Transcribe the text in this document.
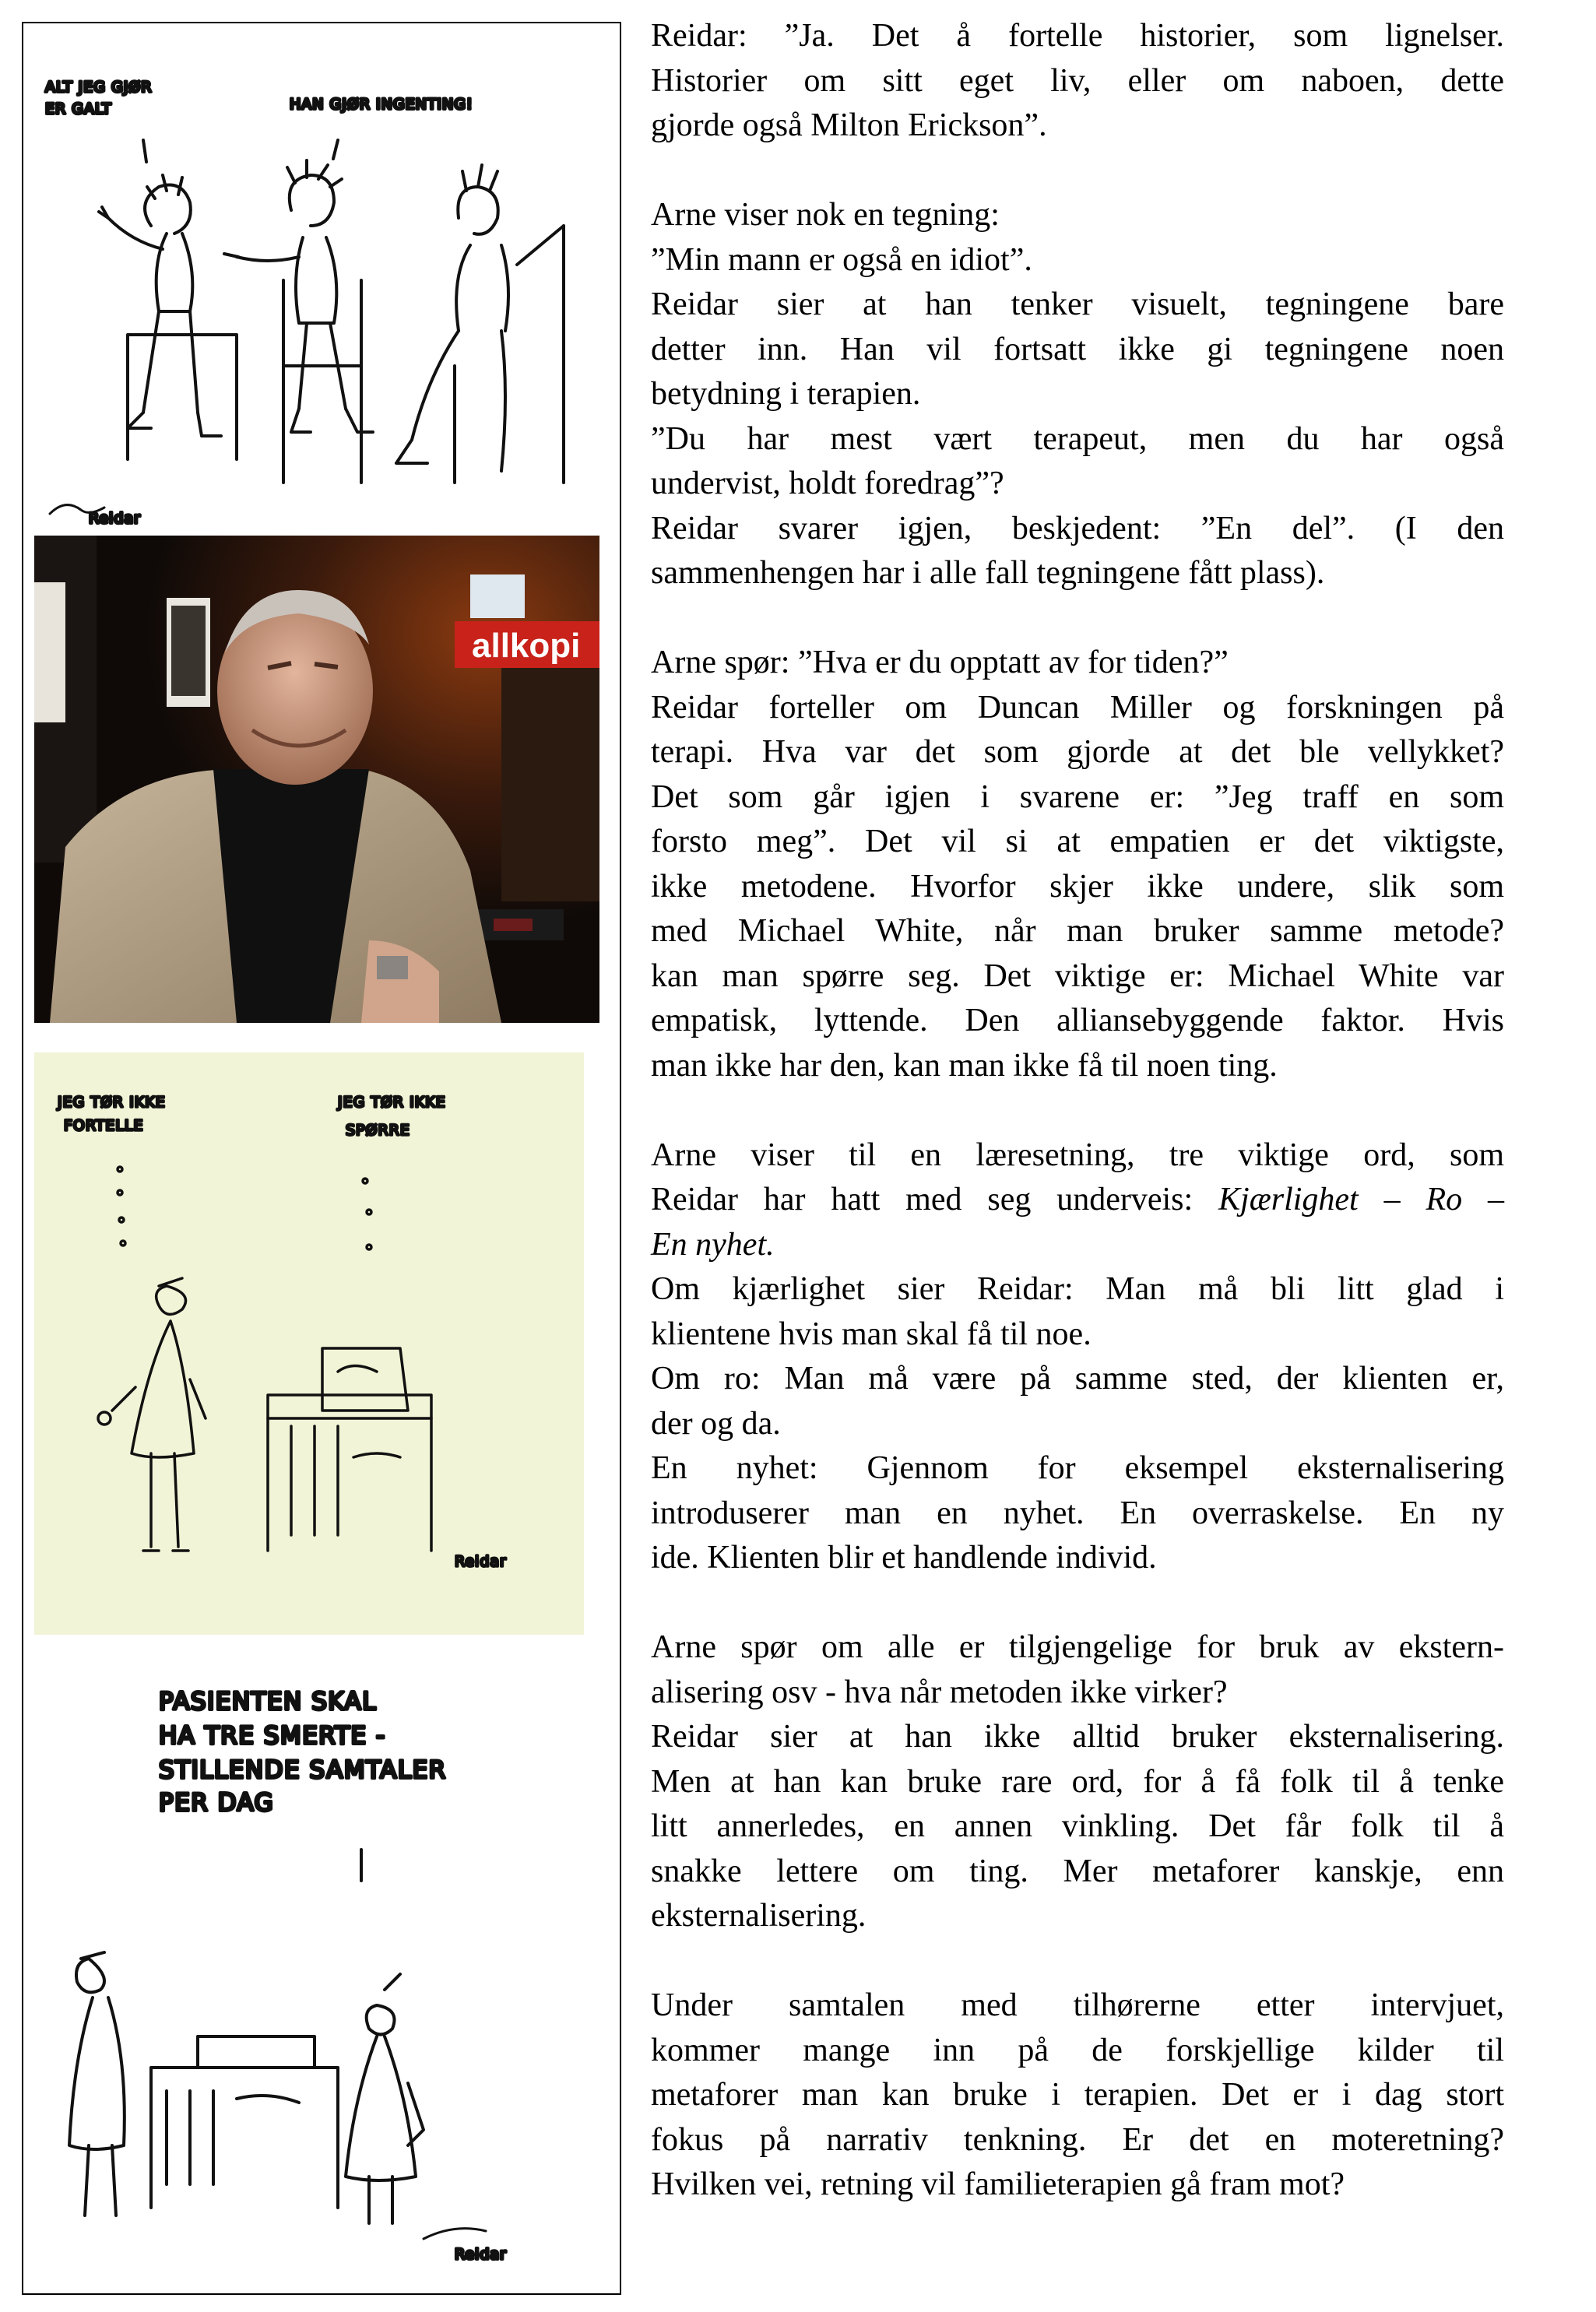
ALT JEG GJØR
ER GALT	HAN GJØR INGENTING!
Reidar
allkopi
JEG TØR IKKE
FORTELLE
JEG TØR IKKE
SPØRRE
Reidar
PASIENTEN SKAL
HA TRE SMERTE -
STILLENDE SAMTALER
PER DAG
Reidar

Reidar: ”Ja. Det å fortelle historier, som lignelser.
Historier om sitt eget liv, eller om naboen, dette
gjorde også Milton Erickson”.

Arne viser nok en tegning:
”Min mann er også en idiot”.
Reidar sier at han tenker visuelt, tegningene bare
detter inn. Han vil fortsatt ikke gi tegningene noen
betydning i terapien.
”Du har mest vært terapeut, men du har også
undervist, holdt foredrag”?
Reidar svarer igjen, beskjedent: ”En del”. (I den
sammenhengen har i alle fall tegningene fått plass).

Arne spør: ”Hva er du opptatt av for tiden?”
Reidar forteller om Duncan Miller og forskningen på
terapi. Hva var det som gjorde at det ble vellykket?
Det som går igjen i svarene er: ”Jeg traff en som
forsto meg”. Det vil si at empatien er det viktigste,
ikke metodene. Hvorfor skjer ikke undere, slik som
med Michael White, når man bruker samme metode?
kan man spørre seg. Det viktige er: Michael White var
empatisk, lyttende. Den alliansebyggende faktor. Hvis
man ikke har den, kan man ikke få til noen ting.

Arne viser til en læresetning, tre viktige ord, som
Reidar har hatt med seg underveis: Kjærlighet – Ro –
En nyhet.
Om kjærlighet sier Reidar: Man må bli litt glad i
klientene hvis man skal få til noe.
Om ro: Man må være på samme sted, der klienten er,
der og da.
En nyhet: Gjennom for eksempel eksternalisering
introduserer man en nyhet. En overraskelse. En ny
ide. Klienten blir et handlende individ.

Arne spør om alle er tilgjengelige for bruk av ekstern-
alisering osv - hva når metoden ikke virker?
Reidar sier at han ikke alltid bruker eksternalisering.
Men at han kan bruke rare ord, for å få folk til å tenke
litt annerledes, en annen vinkling. Det får folk til å
snakke lettere om ting. Mer metaforer kanskje, enn
eksternalisering.

Under samtalen med tilhørerne etter intervjuet,
kommer mange inn på de forskjellige kilder til
metaforer man kan bruke i terapien. Det er i dag stort
fokus på narrativ tenkning. Er det en moteretning?
Hvilken vei, retning vil familieterapien gå fram mot?
